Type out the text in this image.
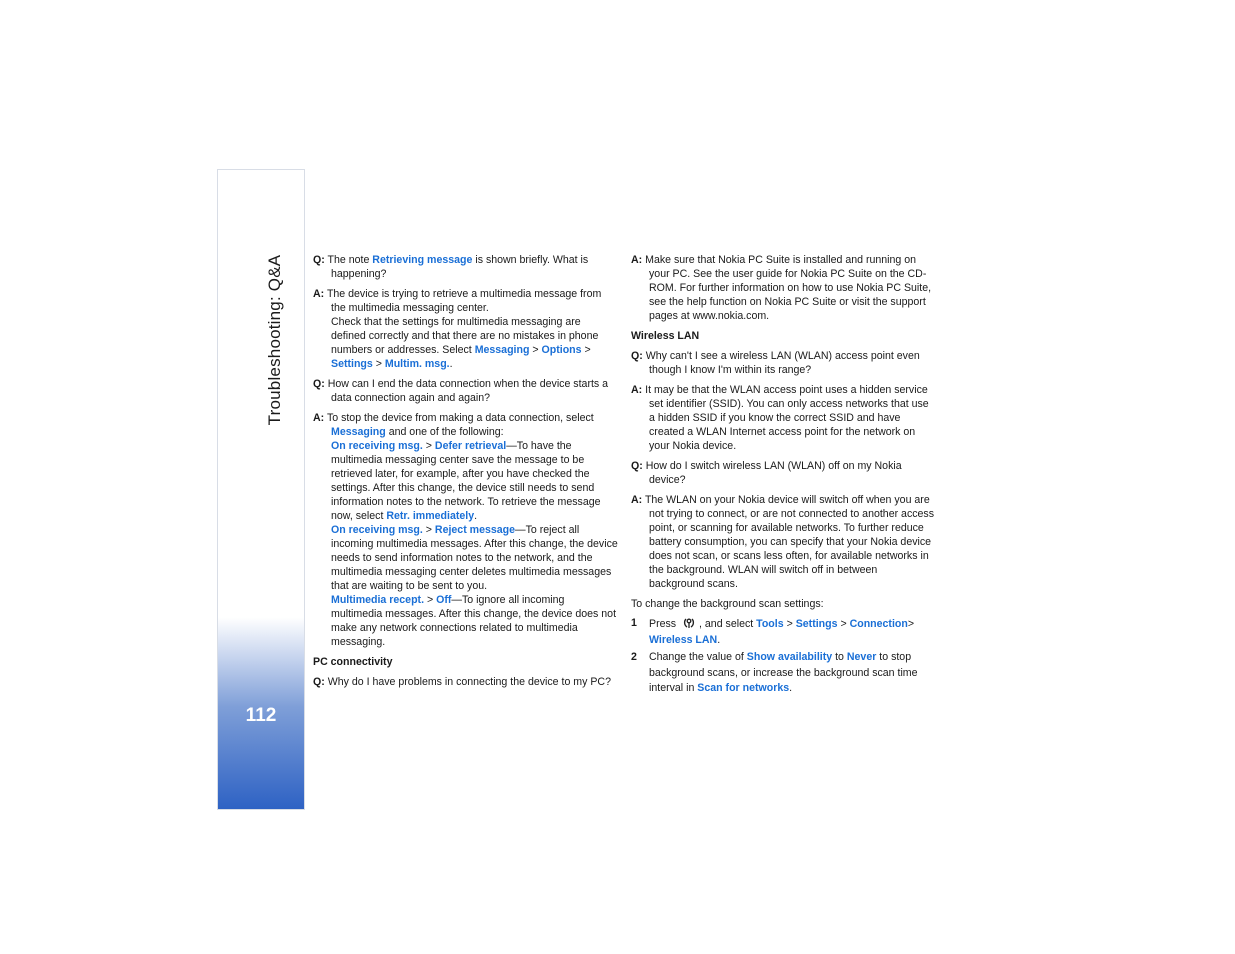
Troubleshooting: Q&A
112

Q: The note Retrieving message is shown briefly. What is happening?

A: The device is trying to retrieve a multimedia message from the multimedia messaging center.
Check that the settings for multimedia messaging are defined correctly and that there are no mistakes in phone numbers or addresses. Select Messaging > Options > Settings > Multim. msg..

Q: How can I end the data connection when the device starts a data connection again and again?

A: To stop the device from making a data connection, select Messaging and one of the following:
On receiving msg. > Defer retrieval—To have the multimedia messaging center save the message to be retrieved later, for example, after you have checked the settings. After this change, the device still needs to send information notes to the network. To retrieve the message now, select Retr. immediately.
On receiving msg. > Reject message—To reject all incoming multimedia messages. After this change, the device needs to send information notes to the network, and the multimedia messaging center deletes multimedia messages that are waiting to be sent to you.
Multimedia recept. > Off—To ignore all incoming multimedia messages. After this change, the device does not make any network connections related to multimedia messaging.

PC connectivity

Q: Why do I have problems in connecting the device to my PC?

A: Make sure that Nokia PC Suite is installed and running on your PC. See the user guide for Nokia PC Suite on the CD-ROM. For further information on how to use Nokia PC Suite, see the help function on Nokia PC Suite or visit the support pages at www.nokia.com.

Wireless LAN

Q: Why can't I see a wireless LAN (WLAN) access point even though I know I'm within its range?

A: It may be that the WLAN access point uses a hidden service set identifier (SSID). You can only access networks that use a hidden SSID if you know the correct SSID and have created a WLAN Internet access point for the network on your Nokia device.

Q: How do I switch wireless LAN (WLAN) off on my Nokia device?

A: The WLAN on your Nokia device will switch off when you are not trying to connect, or are not connected to another access point, or scanning for available networks. To further reduce battery consumption, you can specify that your Nokia device does not scan, or scans less often, for available networks in the background. WLAN will switch off in between background scans.

To change the background scan settings:

1 Press , and select Tools > Settings > Connection> Wireless LAN.
2 Change the value of Show availability to Never to stop background scans, or increase the background scan time interval in Scan for networks.
